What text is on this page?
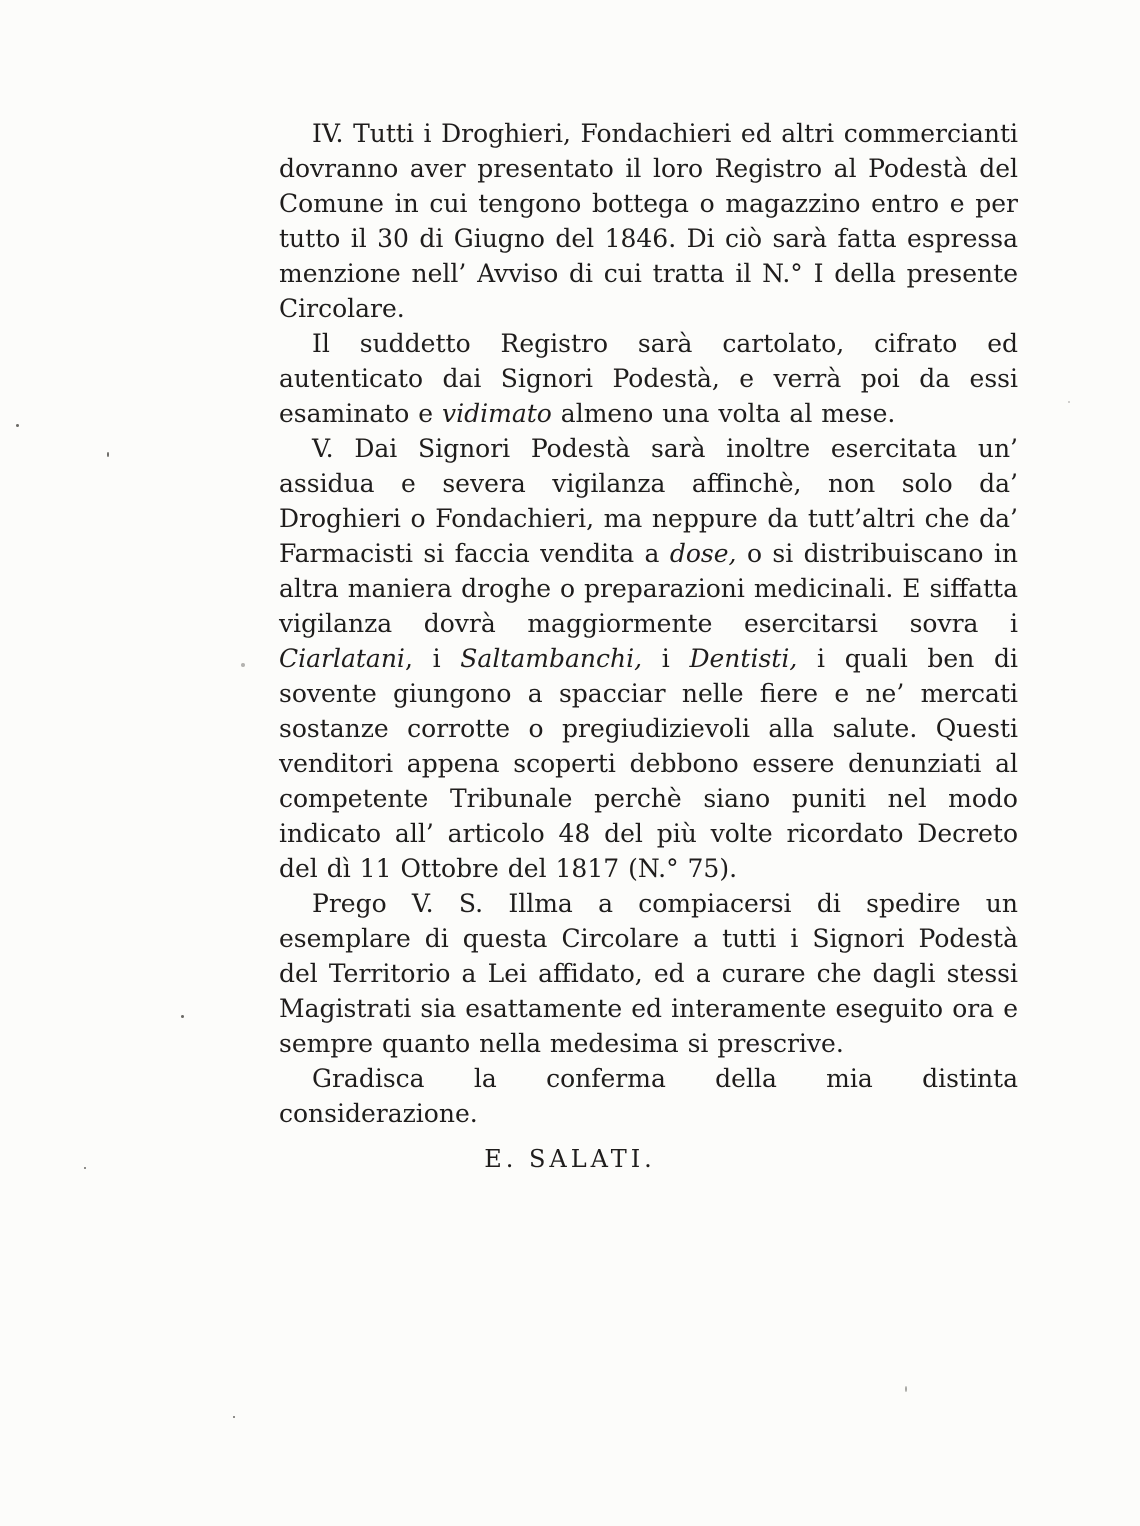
IV. Tutti i Droghieri, Fondachieri ed altri commercianti dovranno aver presentato il loro Registro al Podestà del Comune in cui tengono bottega o magazzino entro e per tutto il 30 di Giugno del 1846. Di ciò sarà fatta espressa menzione nell’ Avviso di cui tratta il N.° I della presente Circolare.

Il suddetto Registro sarà cartolato, cifrato ed autenticato dai Signori Podestà, e verrà poi da essi esaminato e vidimato almeno una volta al mese.

V. Dai Signori Podestà sarà inoltre esercitata un’ assidua e severa vigilanza affinchè, non solo da’ Droghieri o Fondachieri, ma neppure da tutt’altri che da’ Farmacisti si faccia vendita a dose, o si distribuiscano in altra maniera droghe o preparazioni medicinali. E siffatta vigilanza dovrà maggiormente esercitarsi sovra i Ciarlatani, i Saltambanchi, i Dentisti, i quali ben di sovente giungono a spacciar nelle fiere e ne’ mercati sostanze corrotte o pregiudizievoli alla salute. Questi venditori appena scoperti debbono essere denunziati al competente Tribunale perchè siano puniti nel modo indicato all’ articolo 48 del più volte ricordato Decreto del dì 11 Ottobre del 1817 (N.° 75).

Prego V. S. Illma a compiacersi di spedire un esemplare di questa Circolare a tutti i Signori Podestà del Territorio a Lei affidato, ed a curare che dagli stessi Magistrati sia esattamente ed interamente eseguito ora e sempre quanto nella medesima si prescrive.

Gradisca la conferma della mia distinta considerazione.

E. SALATI.
